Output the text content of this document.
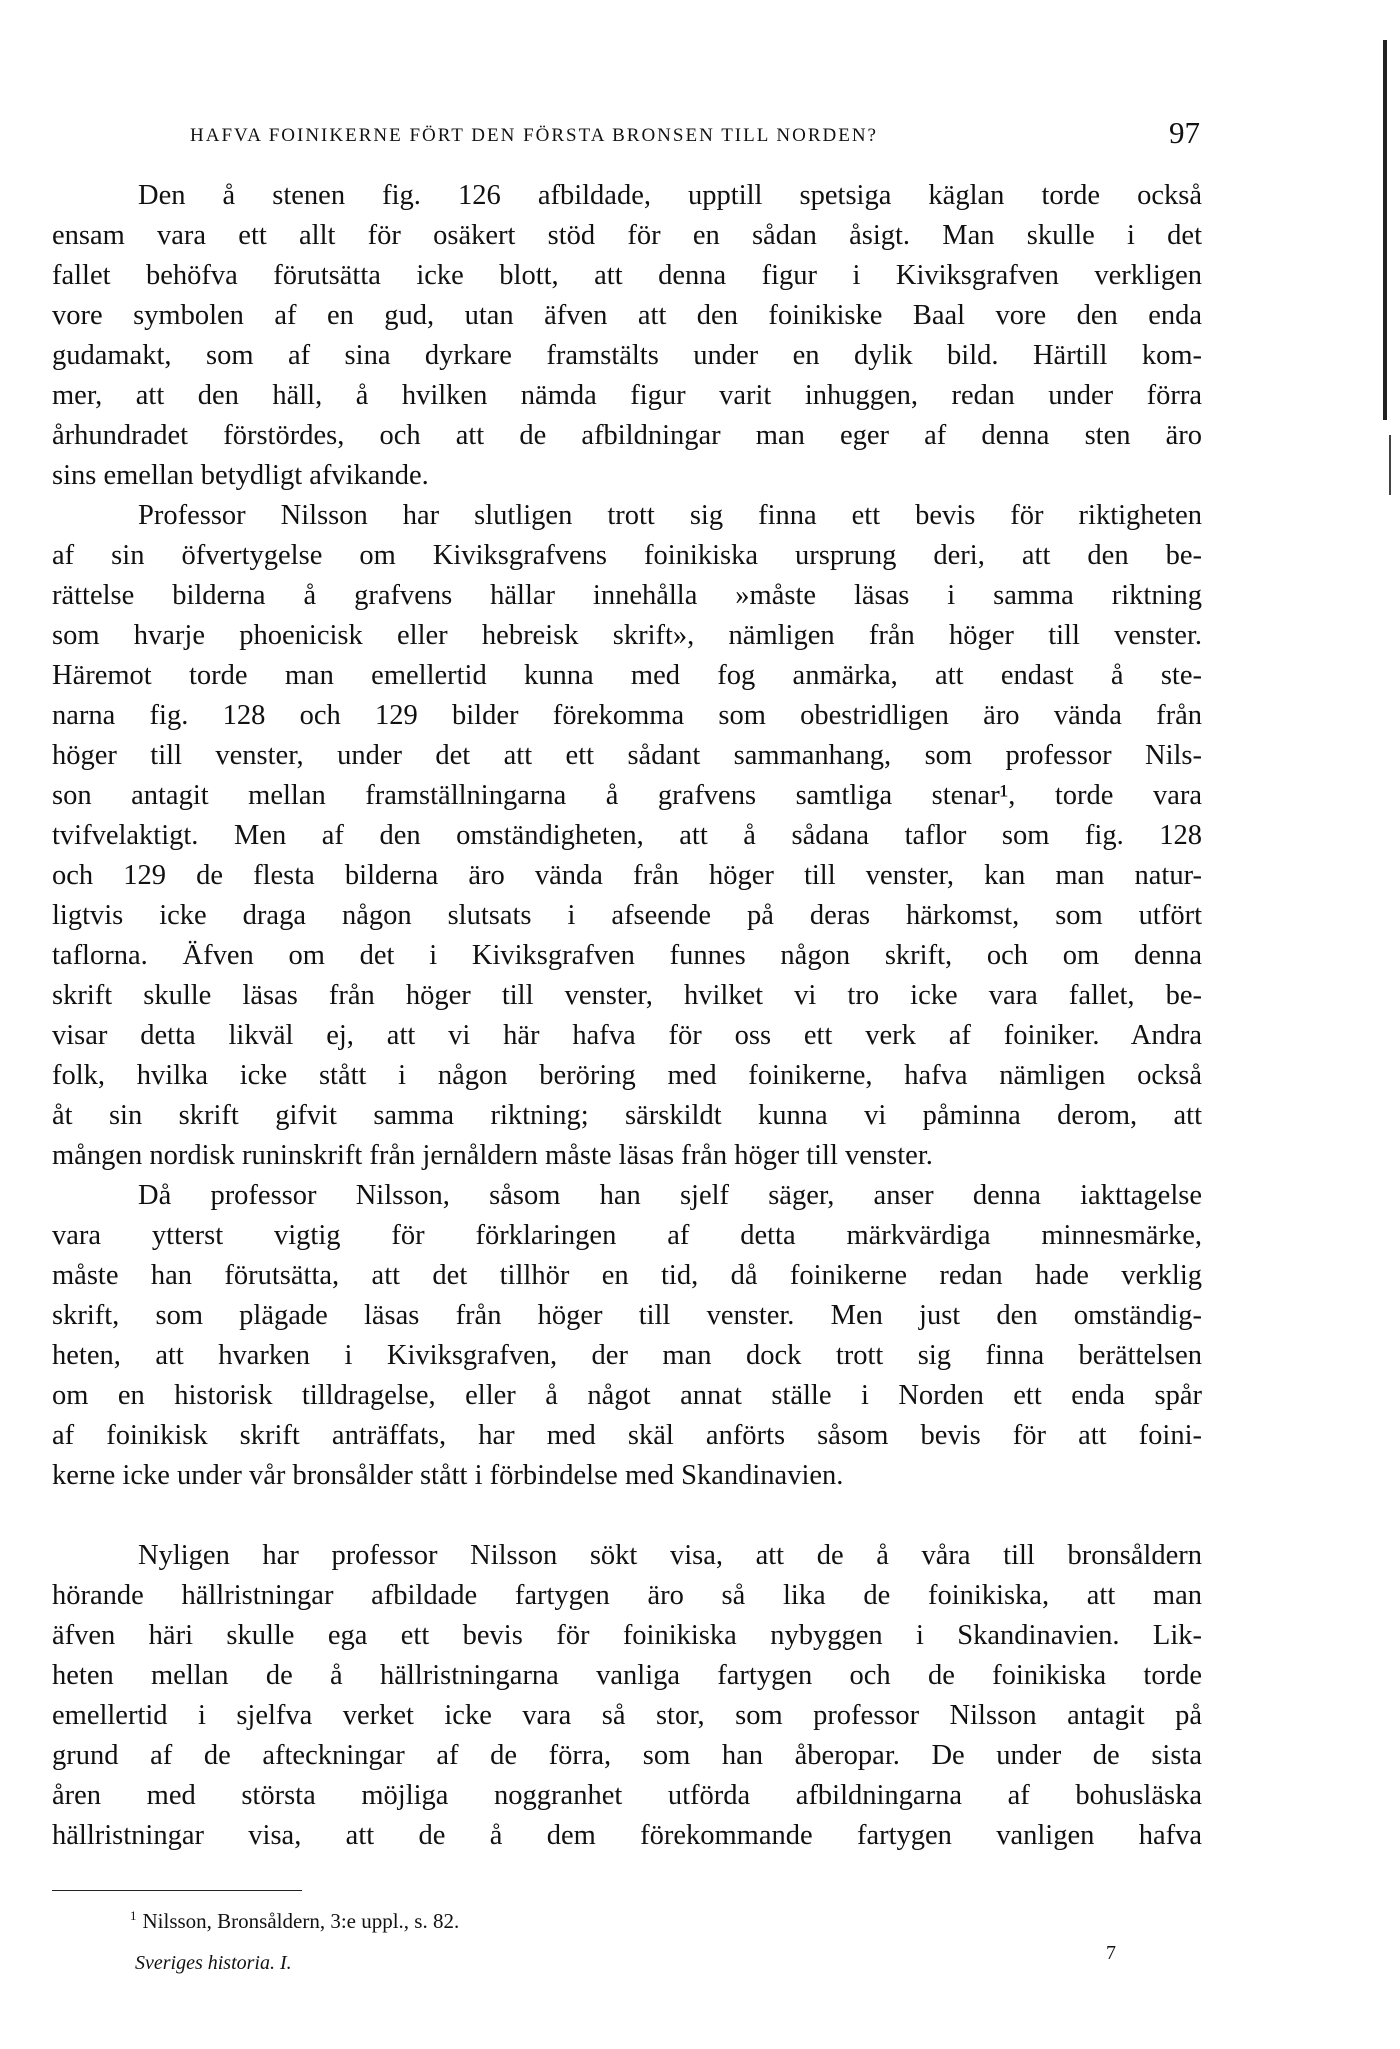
HAFVA FOINIKERNE FÖRT DEN FÖRSTA BRONSEN TILL NORDEN?	97
Den å stenen fig. 126 afbildade, upptill spetsiga käglan torde också
ensam vara ett allt för osäkert stöd för en sådan åsigt. Man skulle i det
fallet behöfva förutsätta icke blott, att denna figur i Kiviksgrafven verkligen
vore symbolen af en gud, utan äfven att den foinikiske Baal vore den enda
gudamakt, som af sina dyrkare framstälts under en dylik bild. Härtill kom-
mer, att den häll, å hvilken nämda figur varit inhuggen, redan under förra
århundradet förstördes, och att de afbildningar man eger af denna sten äro
sins emellan betydligt afvikande.
Professor Nilsson har slutligen trott sig finna ett bevis för riktigheten
af sin öfvertygelse om Kiviksgrafvens foinikiska ursprung deri, att den be-
rättelse bilderna å grafvens hällar innehålla »måste läsas i samma riktning
som hvarje phoenicisk eller hebreisk skrift», nämligen från höger till venster.
Häremot torde man emellertid kunna med fog anmärka, att endast å ste-
narna fig. 128 och 129 bilder förekomma som obestridligen äro vända från
höger till venster, under det att ett sådant sammanhang, som professor Nils-
son antagit mellan framställningarna å grafvens samtliga stenar¹, torde vara
tvifvelaktigt. Men af den omständigheten, att å sådana taflor som fig. 128
och 129 de flesta bilderna äro vända från höger till venster, kan man natur-
ligtvis icke draga någon slutsats i afseende på deras härkomst, som utfört
taflorna. Äfven om det i Kiviksgrafven funnes någon skrift, och om denna
skrift skulle läsas från höger till venster, hvilket vi tro icke vara fallet, be-
visar detta likväl ej, att vi här hafva för oss ett verk af foiniker. Andra
folk, hvilka icke stått i någon beröring med foinikerne, hafva nämligen också
åt sin skrift gifvit samma riktning; särskildt kunna vi påminna derom, att
mången nordisk runinskrift från jernåldern måste läsas från höger till venster.
Då professor Nilsson, såsom han sjelf säger, anser denna iakttagelse
vara ytterst vigtig för förklaringen af detta märkvärdiga minnesmärke,
måste han förutsätta, att det tillhör en tid, då foinikerne redan hade verklig
skrift, som plägade läsas från höger till venster. Men just den omständig-
heten, att hvarken i Kiviksgrafven, der man dock trott sig finna berättelsen
om en historisk tilldragelse, eller å något annat ställe i Norden ett enda spår
af foinikisk skrift anträffats, har med skäl anförts såsom bevis för att foini-
kerne icke under vår bronsålder stått i förbindelse med Skandinavien.
Nyligen har professor Nilsson sökt visa, att de å våra till bronsåldern
hörande hällristningar afbildade fartygen äro så lika de foinikiska, att man
äfven häri skulle ega ett bevis för foinikiska nybyggen i Skandinavien. Lik-
heten mellan de å hällristningarna vanliga fartygen och de foinikiska torde
emellertid i sjelfva verket icke vara så stor, som professor Nilsson antagit på
grund af de afteckningar af de förra, som han åberopar. De under de sista
åren med största möjliga noggranhet utförda afbildningarna af bohusläska
hällristningar visa, att de å dem förekommande fartygen vanligen hafva
$^1$ Nilsson, Bronsåldern, 3:e uppl., s. 82.
Sveriges historia. I.	7
